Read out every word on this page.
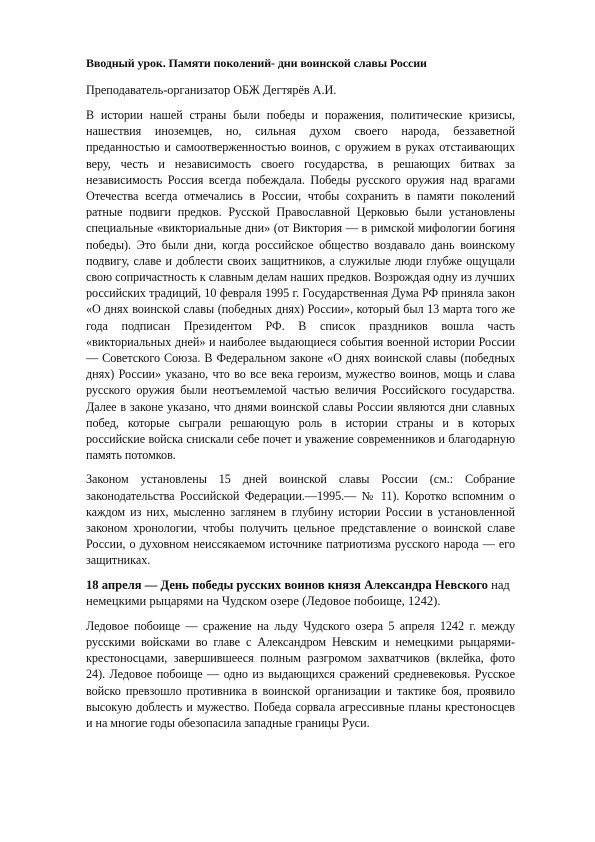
Вводный урок. Памяти поколений- дни воинской славы России

Преподаватель-организатор ОБЖ Дегтярёв А.И.

В истории нашей страны были победы и поражения, политические кризисы, нашествия иноземцев, но, сильная духом своего народа, беззаветной преданностью и самоотверженностью воинов, с оружием в руках отстаивающих веру, честь и независимость своего государства, в решающих битвах за независимость Россия всегда побеждала. Победы русского оружия над врагами Отечества всегда отмечались в России, чтобы сохранить в памяти поколений ратные подвиги предков. Русской Православной Церковью были установлены специальные «викториальные дни» (от Виктория — в римской мифологии богиня победы). Это были дни, когда российское общество воздавало дань воинскому подвигу, славе и доблести своих защитников, а служилые люди глубже ощущали свою сопричастность к славным делам наших предков. Возрождая одну из лучших российских традиций, 10 февраля 1995 г. Государственная Дума РФ приняла закон «О днях воинской славы (победных днях) России», который был 13 марта того же года подписан Президентом РФ. В список праздников вошла часть «викториальных дней» и наиболее выдающиеся события военной истории России — Советского Союза. В Федеральном законе «О днях воинской славы (победных днях) России» указано, что во все века героизм, мужество воинов, мощь и слава русского оружия были неотъемлемой частью величия Российского государства. Далее в законе указано, что днями воинской славы России являются дни славных побед, которые сыграли решающую роль в истории страны и в которых российские войска снискали себе почет и уважение современников и благодарную память потомков.

Законом установлены 15 дней воинской славы России (см.: Собрание законодательства Российской Федерации.—1995.— № 11). Коротко вспомним о каждом из них, мысленно заглянем в глубину истории России в установленной законом хронологии, чтобы получить цельное представление о воинской славе России, о духовном неиссякаемом источнике патриотизма русского народа — его защитниках.

18 апреля — День победы русских воинов князя Александра Невского над немецкими рыцарями на Чудском озере (Ледовое побоище, 1242).

Ледовое побоище — сражение на льду Чудского озера 5 апреля 1242 г. между русскими войсками во главе с Александром Невским и немецкими рыцарями-крестоносцами, завершившееся полным разгромом захватчиков (вклейка, фото 24). Ледовое побоище — одно из выдающихся сражений средневековья. Русское войско превзошло противника в воинской организации и тактике боя, проявило высокую доблесть и мужество. Победа сорвала агрессивные планы крестоносцев и на многие годы обезопасила западные границы Руси.
